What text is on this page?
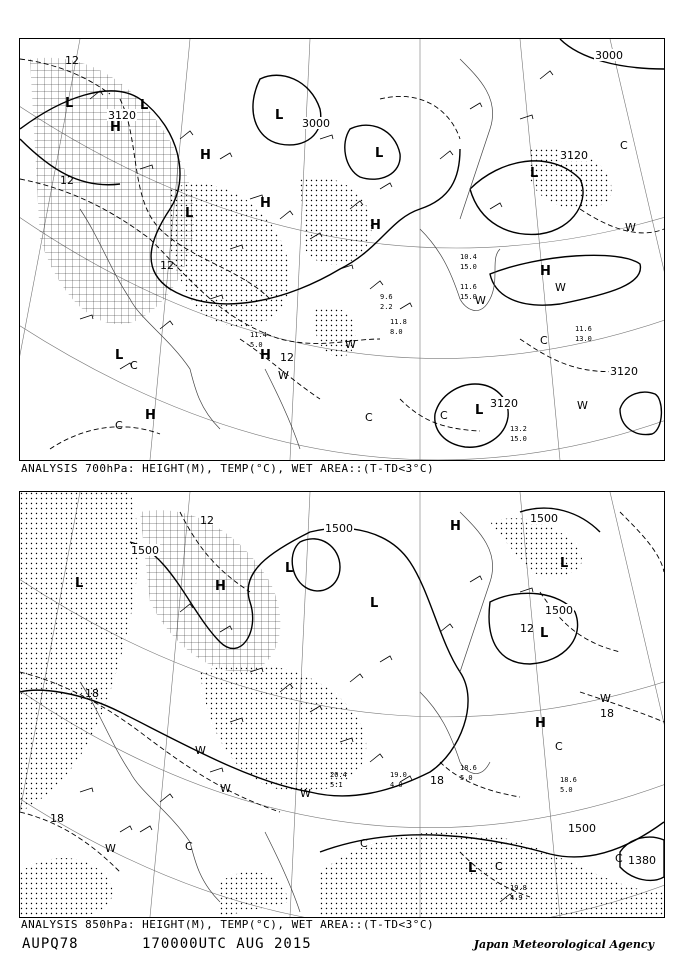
3000
3120
3000
3120
3120
3120
H
L	L
H
H
L
H
L	H
H
L
H	L
L
L
12
12
12
12
C
C	C
C
C
C
W
W
W
W
W
W
11.6
13.0
11.6
15.0
13.2
15.0
10.4
15.0
11.8
8.0
11.4
5.0
9.6
2.2
ANALYSIS 700hPa: HEIGHT(M), TEMP(°C), WET AREA::(T-TD<3°C)
1500
1500
1500
1500
1500
1380
L	H
L
L
L
H
H
L
L
12
12
18
18
18
18
C
C
C
C
C
W
W
W
W	W
18.6
5.0	18.6
5.0
19.8
4.9
19.0
4.0
20.4
5.1
ANALYSIS 850hPa: HEIGHT(M), TEMP(°C), WET AREA::(T-TD<3°C)
AUPQ78	170000UTC AUG 2015	Japan Meteorological Agency
